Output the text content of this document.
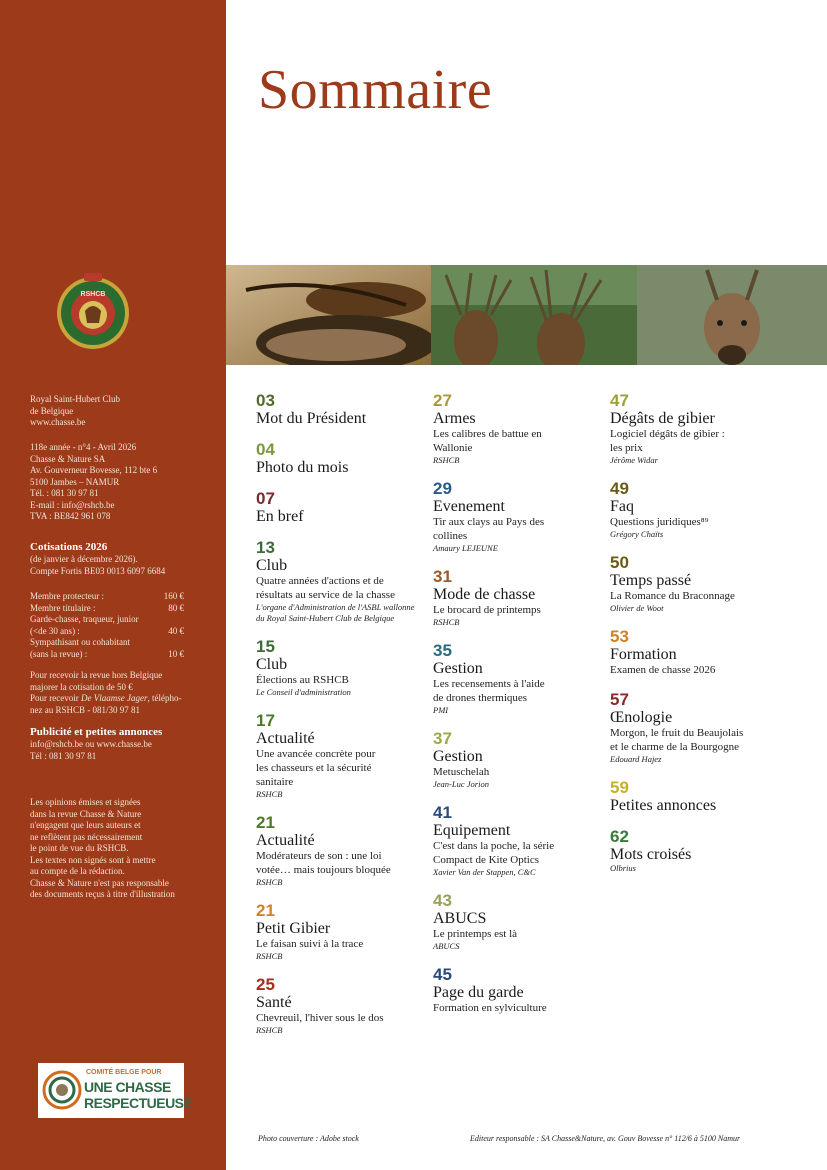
RSHCB

Royal Saint-Hubert Club

de Belgique

www.chasse.be

118e année - n°4 - Avril 2026

Chasse & Nature SA

Av. Gouverneur Bovesse, 112 bte 6

5100 Jambes – NAMUR

Tél. : 081 30 97 81

E-mail : info@rshcb.be

TVA : BE842 961 078

Cotisations 2026

(de janvier à décembre 2026).

Compte Fortis BE03 0013 6097 6684

Membre protecteur :	160 €
Membre titulaire :	80 €
Garde-chasse, traqueur, junior
(<de 30 ans) :	40 €
Sympathisant ou cohabitant
(sans la revue) :	10 €

Pour recevoir la revue hors Belgique

majorer la cotisation de 50 €

Pour recevoir De Vlaamse Jager, télépho-

nez au RSHCB - 081/30 97 81

Publicité et petites annonces

info@rshcb.be ou www.chasse.be

Tél : 081 30 97 81

Les opinions émises et signées

dans la revue Chasse & Nature

n'engagent que leurs auteurs et

ne reflètent pas nécessairement

le point de vue du RSHCB.

Les textes non signés sont à mettre

au compte de la rédaction.

Chasse & Nature n'est pas responsable

des documents reçus à titre d'illustration

COMITÉ BELGE POUR
UNE CHASSE
RESPECTUEUSE
Sommaire
03
Mot du Président
04
Photo du mois
07
En bref
13
Club
Quatre années d'actions et de
résultats au service de la chasse
L'organe d'Administration de l'ASBL wallonne du Royal Saint-Hubert Club de Belgique
15
Club
Élections au RSHCB
Le Conseil d'administration
17
Actualité
Une avancée concrète pour
les chasseurs et la sécurité
sanitaire
RSHCB
21
Actualité
Modérateurs de son : une loi
votée… mais toujours bloquée
RSHCB
21
Petit Gibier
Le faisan suivi à la trace
RSHCB
25
Santé
Chevreuil, l'hiver sous le dos
RSHCB
27
Armes
Les calibres de battue en
Wallonie
RSHCB
29
Evenement
Tir aux clays au Pays des
collines
Amaury LEJEUNE
31
Mode de chasse
Le brocard de printemps
RSHCB
35
Gestion
Les recensements à l'aide
de drones thermiques
PMI
37
Gestion
Metuschelah
Jean-Luc Jorion
41
Equipement
C'est dans la poche, la série
Compact de Kite Optics
Xavier Van der Stappen, C&C
43
ABUCS
Le printemps est là
ABUCS
45
Page du garde
Formation en sylviculture
47
Dégâts de gibier
Logiciel dégâts de gibier :
les prix
Jérôme Widar
49
Faq
Questions juridiques⁸⁹
Grégory Chaïts
50
Temps passé
La Romance du Braconnage
Olivier de Woot
53
Formation
Examen de chasse 2026
57
Œnologie
Morgon, le fruit du Beaujolais
et le charme de la Bourgogne
Edouard Hajez
59
Petites annonces
62
Mots croisés
Olbrius
Photo couverture : Adobe stock	Editeur responsable : SA Chasse&Nature, av. Gouv Bovesse n° 112/6 à 5100 Namur
